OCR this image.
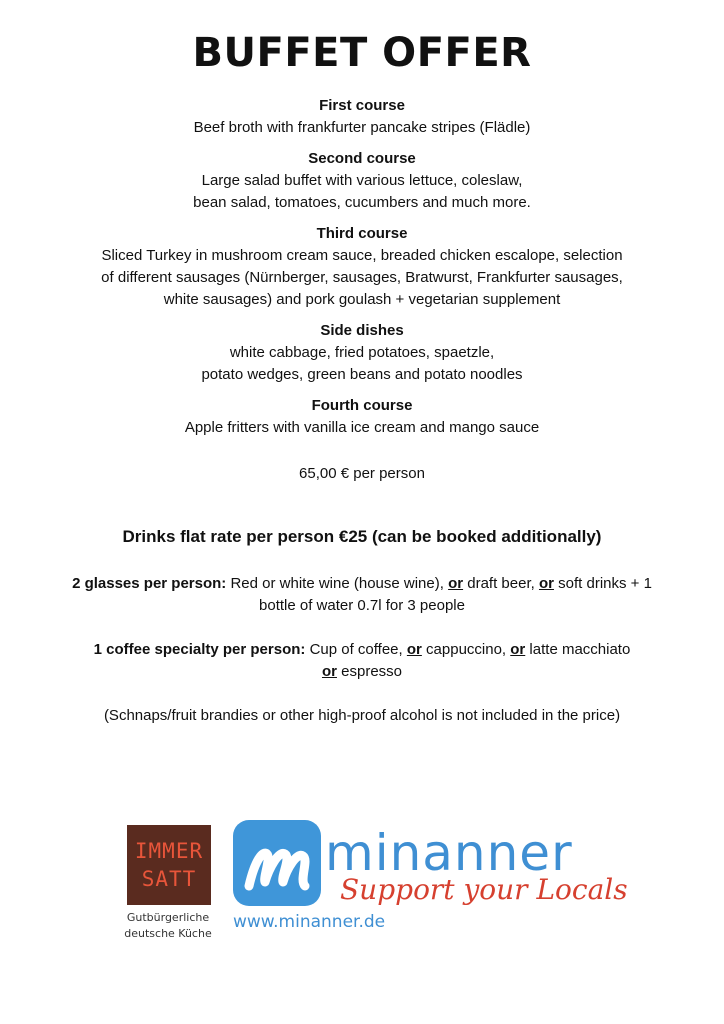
BUFFET OFFER
First course
Beef broth with frankfurter pancake stripes (Flädle)
Second course
Large salad buffet with various lettuce, coleslaw,
bean salad, tomatoes, cucumbers and much more.
Third course
Sliced Turkey in mushroom cream sauce, breaded chicken escalope, selection
of different sausages (Nürnberger, sausages, Bratwurst, Frankfurter sausages,
white sausages) and pork goulash + vegetarian supplement
Side dishes
white cabbage, fried potatoes, spaetzle,
potato wedges, green beans and potato noodles
Fourth course
Apple fritters with vanilla ice cream and mango sauce
65,00 € per person
Drinks flat rate per person €25 (can be booked additionally)

2 glasses per person: Red or white wine (house wine), or draft beer, or soft drinks + 1 bottle of water 0.7l for 3 people

1 coffee specialty per person: Cup of coffee, or cappuccino, or latte macchiato
or espresso

(Schnaps/fruit brandies or other high-proof alcohol is not included in the price)

IMMER
SATT
Gutbürgerliche
deutsche Küche
minanner
Support your Locals
www.minanner.de
